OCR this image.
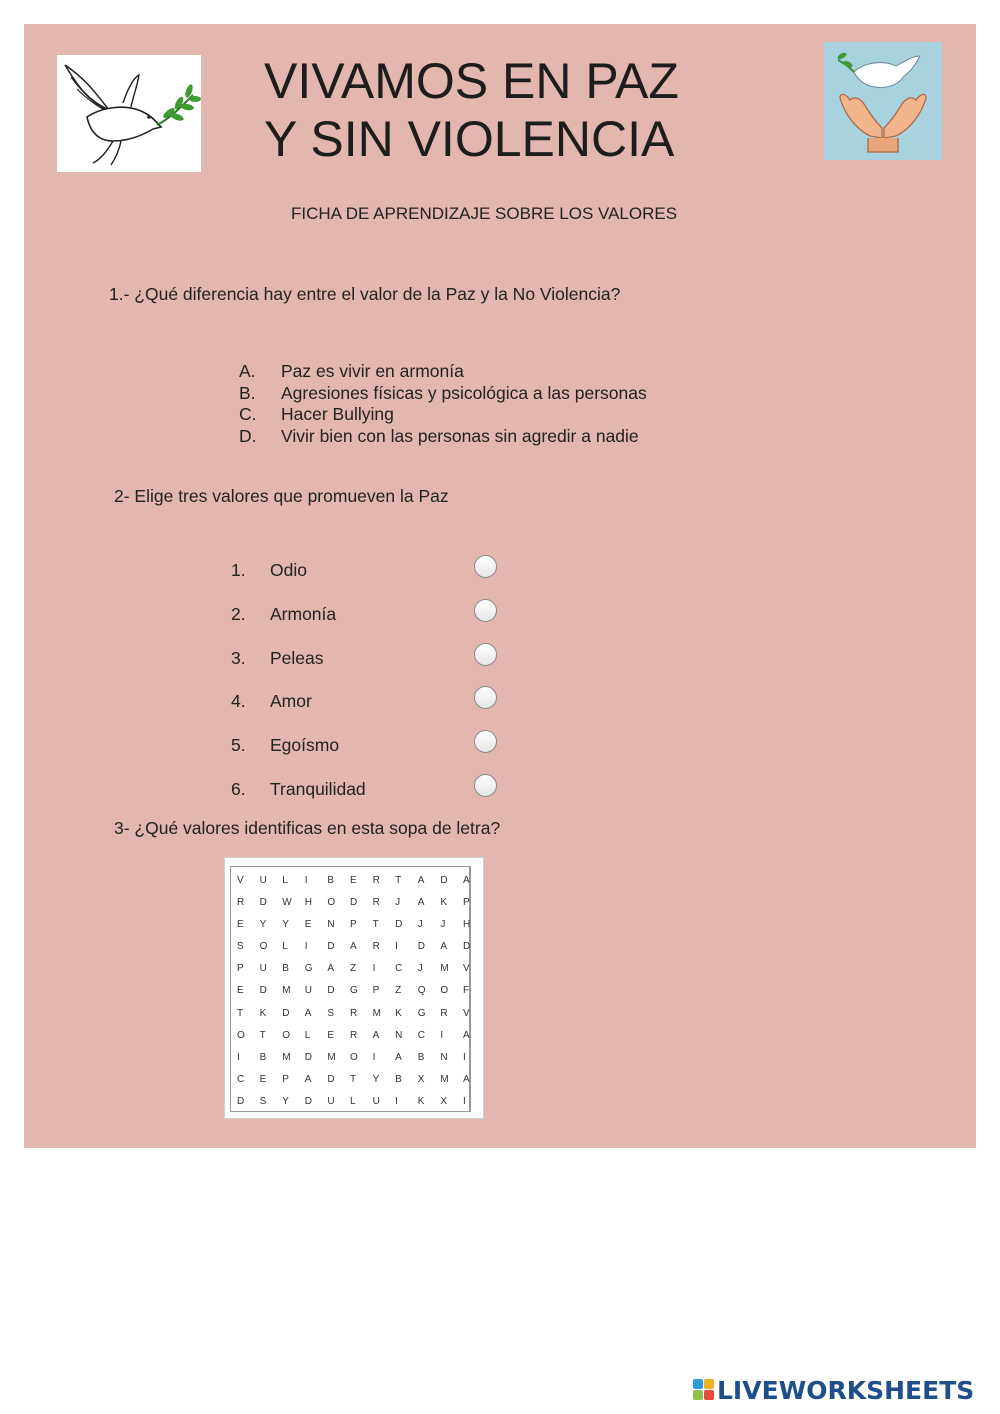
VIVAMOS EN PAZ
Y SIN VIOLENCIA
FICHA DE APRENDIZAJE SOBRE LOS VALORES
1.- ¿Qué diferencia hay entre el valor de la Paz y la No Violencia?
A. Paz es vivir en armonía
B. Agresiones físicas y psicológica a las personas
C. Hacer Bullying
D. Vivir bien con las personas sin agredir a nadie
2- Elige tres valores que promueven la Paz
1. Odio
2. Armonía
3. Peleas
4. Amor
5. Egoísmo
6. Tranquilidad
3- ¿Qué valores identificas en esta sopa de letra?
V U L I B E R T A D A
R D W H O D R J A K P
E Y Y E N P T D J J H
S O L I D A R I D A D
P U B G A Z I C J M V
E D M U D G P Z Q O F
T K D A S R M K G R V
O T O L E R A N C I A
I B M D M O I A B N I
C E P A D T Y B X M A
D S Y D U L U I K X I
LIVEWORKSHEETS
